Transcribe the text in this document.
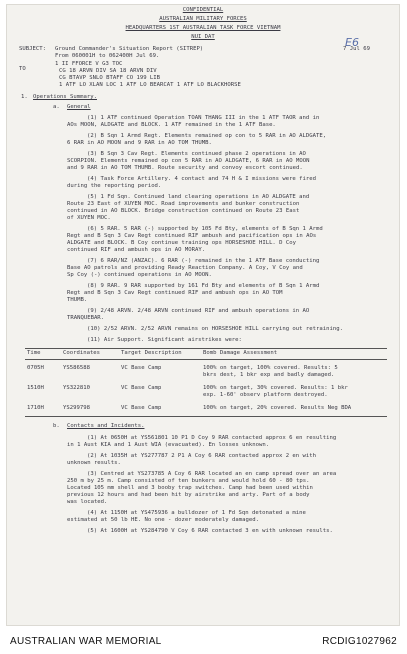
E6
CONFIDENTIAL
AUSTRALIAN MILITARY FORCES
HEADQUARTERS 1ST AUSTRALIAN TASK FORCE VIETNAM
NUI DAT
SUBJECT: Ground Commander's Situation Report (SITREP)	7 Jul 69
From 060001H to 062400H Jul 69.
TO
1 II FFORCE V G3 TOC
CG 18 ARVN DIV SA 18 ARVN DIV
CG BTAVP SNLO BTAFF CO 199 LIB
1 ATF LO XLAN LOC 1 ATF LO BEARCAT 1 ATF LO BLACKHORSE
1. Operations Summary.
a. General
(1) 1 ATF continued Operation TOAN THANG III in the 1 ATF TAOR and in
AOs MOON, ALDGATE and BLOCK. 1 ATF remained in the 1 ATF Base.
(2) B Sqn 1 Armd Regt. Elements remained op con to 5 RAR in AO ALDGATE,
6 RAR in AO MOON and 9 RAR in AO TOM THUMB.
(3) B Sqn 3 Cav Regt. Elements continued phase 2 operations in AO
SCORPION. Elements remained op con 5 RAR in AO ALDGATE, 6 RAR in AO MOON
and 9 RAR in AO TOM THUMB. Route security and convoy escort continued.
(4) Task Force Artillery. 4 contact and 74 H & I missions were fired
during the reporting period.
(5) 1 Fd Sqn. Continued land clearing operations in AO ALDGATE and
Route 23 East of XUYEN MOC. Road improvements and bunker construction
continued in AO BLOCK. Bridge construction continued on Route 23 East
of XUYEN MOC.
(6) 5 RAR. 5 RAR (-) supported by 105 Fd Bty, elements of B Sqn 1 Armd
Regt and B Sqn 3 Cav Regt continued RIF ambush and pacification ops in AOs
ALDGATE and BLOCK. B Coy continue training ops HORSESHOE HILL. D Coy
continued RIF and ambush ops in AO MORAY.
(7) 6 RAR/NZ (ANZAC). 6 RAR (-) remained in the 1 ATF Base conducting
Base AO patrols and providing Ready Reaction Company. A Coy, V Coy and
Sp Coy (-) continued operations in AO MOON.
(8) 9 RAR. 9 RAR supported by 161 Fd Bty and elements of B Sqn 1 Armd
Regt and B Sqn 3 Cav Regt continued RIF and ambush ops in AO TOM
THUMB.
(9) 2/48 ARVN. 2/48 ARVN continued RIF and ambush operations in AO
TRANQUEBAR.
(10) 2/52 ARVN. 2/52 ARVN remains on HORSESHOE HILL carrying out retraining.
(11) Air Support. Significant airstrikes were:
Time	Coordinates	Target Description	Bomb Damage Assessment
0705H	YS586588	VC Base Camp	100% on target, 100% covered. Results: 5
bkrs dest, 1 bkr exp and badly damaged.
1510H	YS322810	VC Base Camp	100% on target, 30% covered. Results: 1 bkr
exp. 1-60' observ platform destroyed.
1710H	YS299798	VC Base Camp	100% on target, 20% covered. Results Neg BDA
b. Contacts and Incidents.
(1) At 0650H at YS561801 10 P1 D Coy 9 RAR contacted approx 6 en resulting
in 1 Aust KIA and 1 Aust WIA (evacuated). En losses unknown.
(2) At 1035H at YS277787 2 P1 A Coy 6 RAR contacted approx 2 en with
unknown results.
(3) Centred at YS273785 A Coy 6 RAR located an en camp spread over an area
250 m by 25 m. Camp consisted of ten bunkers and would hold 60 - 80 tps.
Located 105 mm shell and 3 booby trap switches. Camp had been used within
previous 12 hours and had been hit by airstrike and arty. Part of a body
was located.
(4) At 1150H at YS475936 a bulldozer of 1 Fd Sqn detonated a mine
estimated at 50 lb HE. No one - dozer moderately damaged.
(5) At 1600H at YS284790 V Coy 6 RAR contacted 3 en with unknown results.
AUSTRALIAN WAR MEMORIAL	RCDIG1027962
